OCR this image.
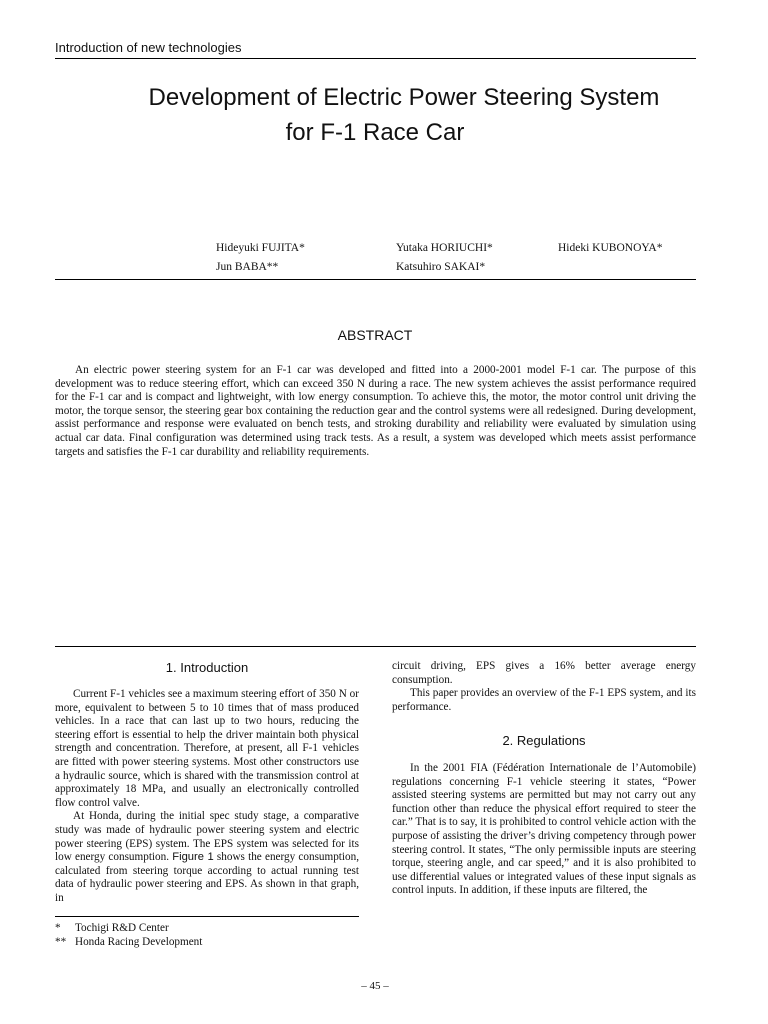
Introduction of new technologies
Development of Electric Power Steering System
for F-1 Race Car
Hideyuki FUJITA*	Yutaka HORIUCHI*	Hideki KUBONOYA*
Jun BABA**	Katsuhiro SAKAI*
ABSTRACT

An electric power steering system for an F-1 car was developed and fitted into a 2000-2001 model F-1 car. The purpose of this development was to reduce steering effort, which can exceed 350 N during a race. The new system achieves the assist performance required for the F-1 car and is compact and lightweight, with low energy consumption. To achieve this, the motor, the motor control unit driving the motor, the torque sensor, the steering gear box containing the reduction gear and the control systems were all redesigned. During development, assist performance and response were evaluated on bench tests, and stroking durability and reliability were evaluated by simulation using actual car data. Final configuration was determined using track tests. As a result, a system was developed which meets assist performance targets and satisfies the F-1 car durability and reliability requirements.

1. Introduction

Current F-1 vehicles see a maximum steering effort of 350 N or more, equivalent to between 5 to 10 times that of mass produced vehicles. In a race that can last up to two hours, reducing the steering effort is essential to help the driver maintain both physical strength and concentration. Therefore, at present, all F-1 vehicles are fitted with power steering systems. Most other constructors use a hydraulic source, which is shared with the transmission control at approximately 18 MPa, and usually an electronically controlled flow control valve.

At Honda, during the initial spec study stage, a comparative study was made of hydraulic power steering system and electric power steering (EPS) system. The EPS system was selected for its low energy consumption. Figure 1 shows the energy consumption, calculated from steering torque according to actual running test data of hydraulic power steering and EPS. As shown in that graph, in

* Tochigi R&D Center
** Honda Racing Development

circuit driving, EPS gives a 16% better average energy consumption.

This paper provides an overview of the F-1 EPS system, and its performance.

2. Regulations

In the 2001 FIA (Fédération Internationale de l’Automobile) regulations concerning F-1 vehicle steering it states, “Power assisted steering systems are permitted but may not carry out any function other than reduce the physical effort required to steer the car.” That is to say, it is prohibited to control vehicle action with the purpose of assisting the driver’s driving competency through power steering control. It states, “The only permissible inputs are steering torque, steering angle, and car speed,” and it is also prohibited to use differential values or integrated values of these input signals as control inputs. In addition, if these inputs are filtered, the

– 45 –
